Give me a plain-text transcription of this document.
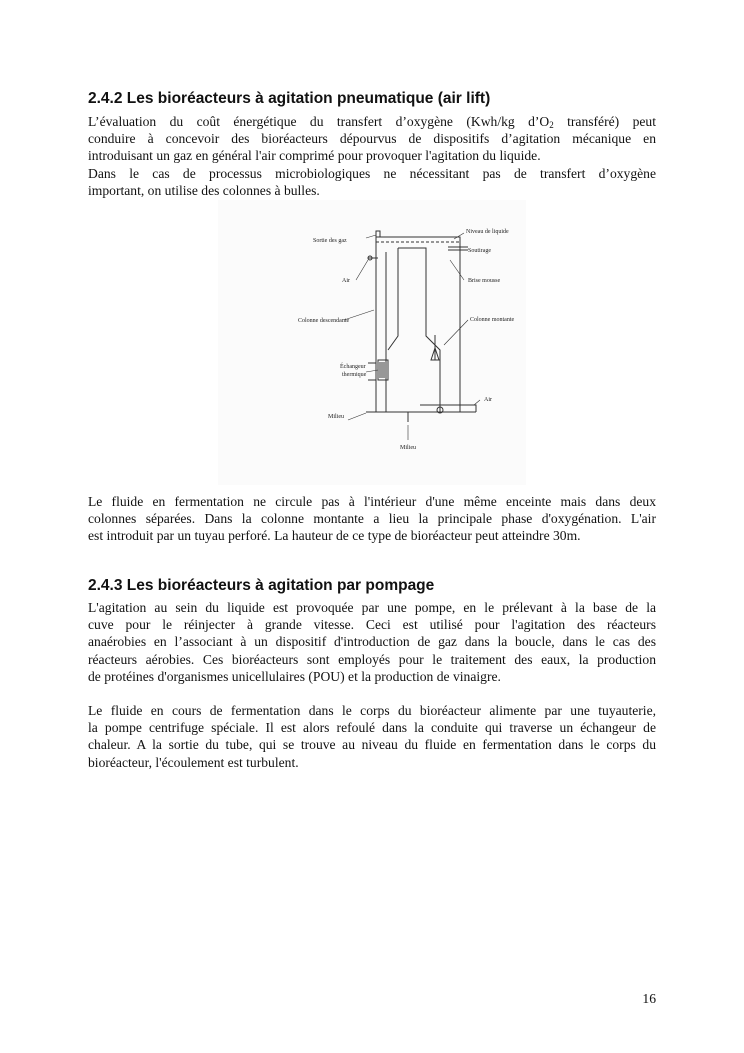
2.4.2 Les bioréacteurs à agitation pneumatique (air lift)

L’évaluation du coût énergétique du transfert d’oxygène (Kwh/kg $d’O_2$ transféré) peut
conduire à concevoir des bioréacteurs dépourvus de dispositifs d’agitation mécanique en
introduisant un gaz en général l'air comprimé pour provoquer l'agitation du liquide.
Dans le cas de processus microbiologiques ne nécessitant pas de transfert d’oxygène
important, on utilise des colonnes à bulles.

Sortie des gaz
Niveau de liquide
Soutirage
Air	Brise mousse
Colonne descendante	Colonne montante
Échangeur
thermique
Air
Milieu
Milieu

Le fluide en fermentation ne circule pas à l'intérieur d'une même enceinte mais dans deux
colonnes séparées. Dans la colonne montante a lieu la principale phase d'oxygénation. L'air
est introduit par un tuyau perforé. La hauteur de ce type de bioréacteur peut atteindre 30m.

2.4.3 Les bioréacteurs à agitation par pompage

L'agitation au sein du liquide est provoquée par une pompe, en le prélevant à la base de la
cuve pour le réinjecter à grande vitesse. Ceci est utilisé pour l'agitation des réacteurs
anaérobies en l’associant à un dispositif d'introduction de gaz dans la boucle, dans le cas des
réacteurs aérobies. Ces bioréacteurs sont employés pour le traitement des eaux, la production
de protéines d'organismes unicellulaires (POU) et la production de vinaigre.

Le fluide en cours de fermentation dans le corps du bioréacteur alimente par une tuyauterie,
la pompe centrifuge spéciale. Il est alors refoulé dans la conduite qui traverse un échangeur de
chaleur. A la sortie du tube, qui se trouve au niveau du fluide en fermentation dans le corps du
bioréacteur, l'écoulement est turbulent.

16
